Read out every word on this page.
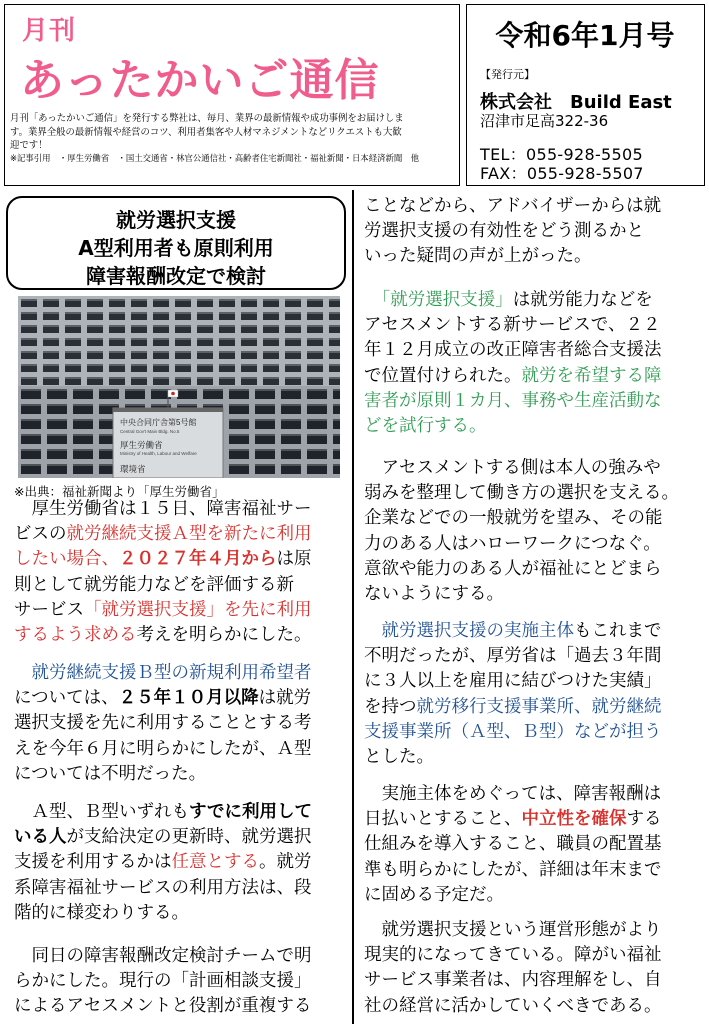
月刊
あったかいご通信
月刊「あったかいご通信」を発行する弊社は、毎月、業界の最新情報や成功事例をお届けしま
す。業界全般の最新情報や経営のコツ、利用者集客や人材マネジメントなどリクエストも大歓
迎です！
※記事引用　・厚生労働省　・国土交通省・林官公通信社・高齢者住宅新聞社・福祉新聞・日本経済新聞　他
令和6年1月号
【発行元】
株式会社　Build East
沼津市足高322-36
TEL：055-928-5505
FAX：055-928-5507
就労選択支援
A型利用者も原則利用
障害報酬改定で検討
中央合同庁舎第5号館
Central Gov't Main Bldg. No.5
厚生労働省
Ministry of Health, Labour and Welfare
環境省
※出典：福祉新聞より「厚生労働省」
　厚生労働省は１５日、障害福祉サー
ビスの就労継続支援Ａ型を新たに利用
したい場合、２０２７年４月からは原
則として就労能力などを評価する新
サービス「就労選択支援」を先に利用
するよう求める考えを明らかにした。
　就労継続支援Ｂ型の新規利用希望者
については、２５年１０月以降は就労
選択支援を先に利用することとする考
えを今年６月に明らかにしたが、Ａ型
については不明だった。
　Ａ型、Ｂ型いずれもすでに利用して
いる人が支給決定の更新時、就労選択
支援を利用するかは任意とする。就労
系障害福祉サービスの利用方法は、段
階的に様変わりする。
　同日の障害報酬改定検討チームで明
らかにした。現行の「計画相談支援」
によるアセスメントと役割が重複する
ことなどから、アドバイザーからは就
労選択支援の有効性をどう測るかと
いった疑問の声が上がった。
　「就労選択支援」は就労能力などを
アセスメントする新サービスで、２２
年１２月成立の改正障害者総合支援法
で位置付けられた。就労を希望する障
害者が原則１カ月、事務や生産活動な
どを試行する。
　アセスメントする側は本人の強みや
弱みを整理して働き方の選択を支える。
企業などでの一般就労を望み、その能
力のある人はハローワークにつなぐ。
意欲や能力のある人が福祉にとどまら
ないようにする。
　就労選択支援の実施主体もこれまで
不明だったが、厚労省は「過去３年間
に３人以上を雇用に結びつけた実績」
を持つ就労移行支援事業所、就労継続
支援事業所（Ａ型、Ｂ型）などが担う
とした。
　実施主体をめぐっては、障害報酬は
日払いとすること、中立性を確保する
仕組みを導入すること、職員の配置基
準も明らかにしたが、詳細は年末まで
に固める予定だ。
　就労選択支援という運営形態がより
現実的になってきている。障がい福祉
サービス事業者は、内容理解をし、自
社の経営に活かしていくべきである。
